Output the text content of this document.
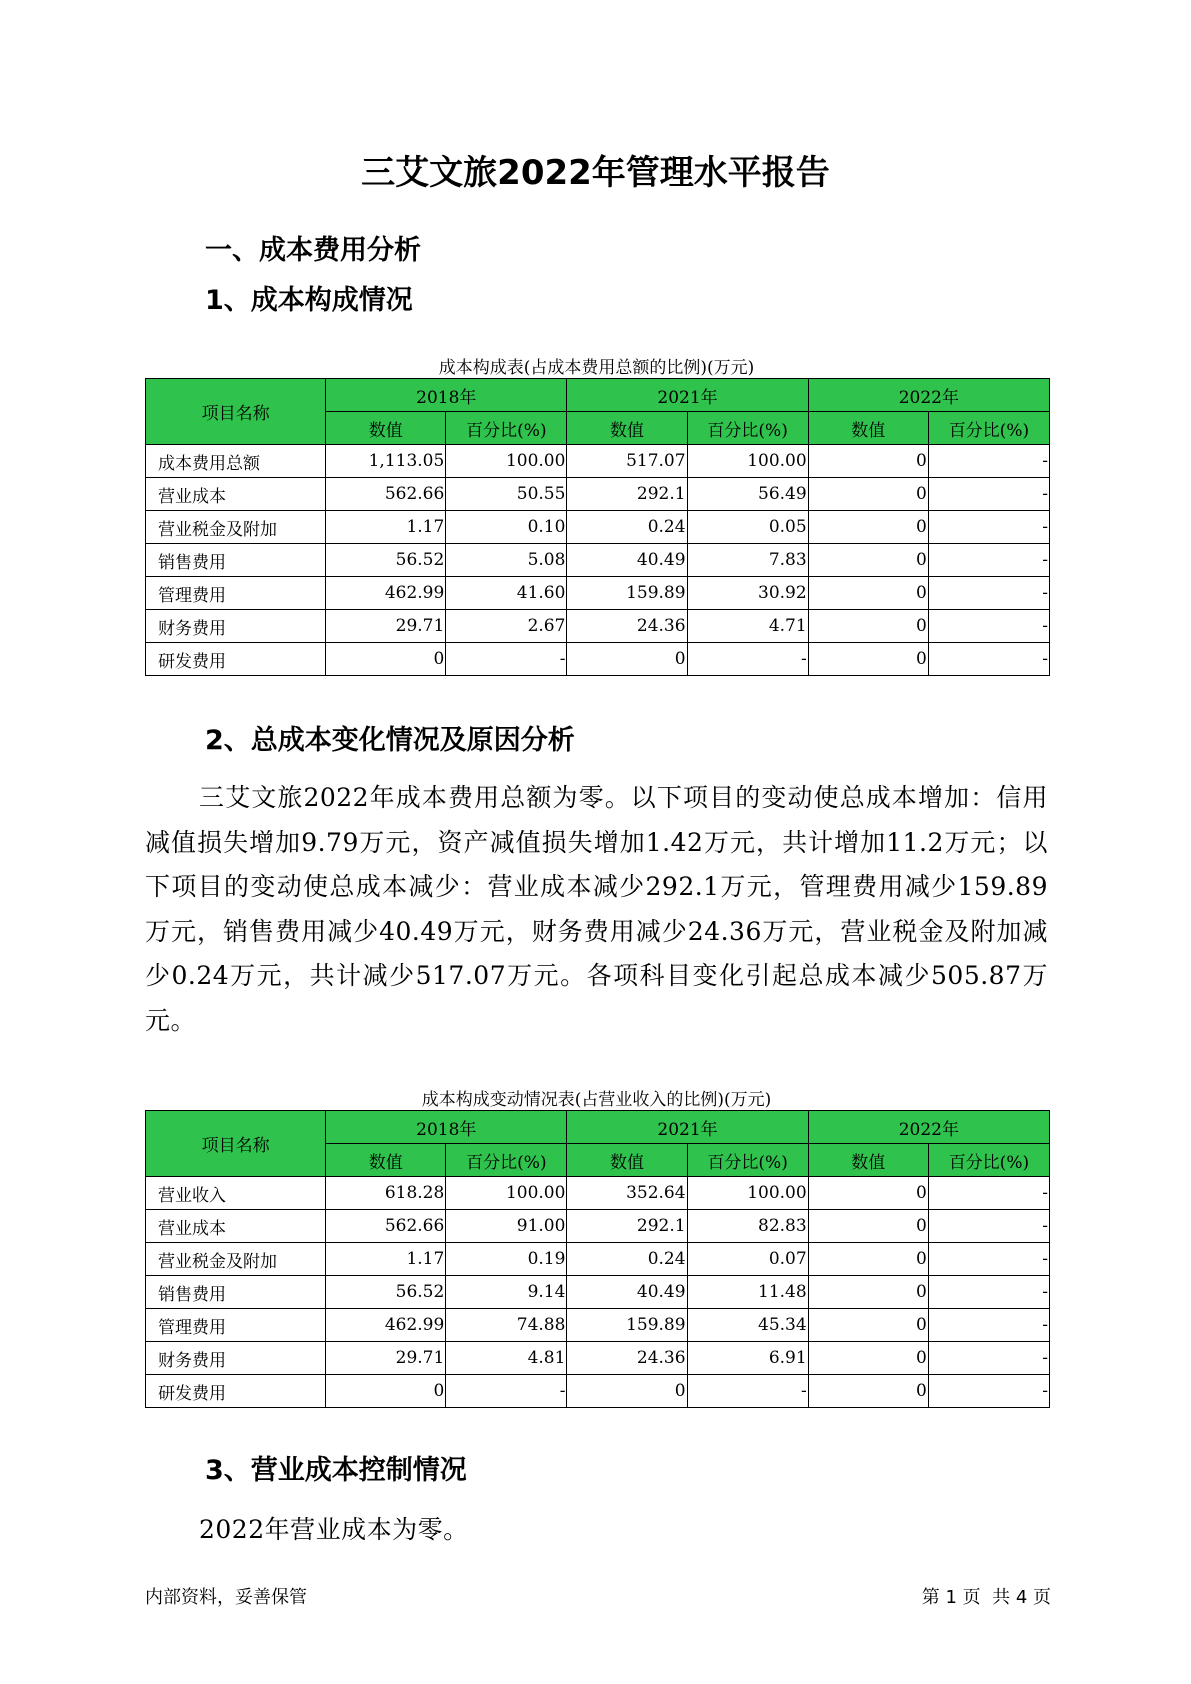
三艾文旅2022年管理水平报告
一、成本费用分析
1、成本构成情况
成本构成表(占成本费用总额的比例)(万元)
项目名称	2018年		2021年		2022年	
	数值	百分比(%)	数值	百分比(%)	数值	百分比(%)
成本费用总额	1,113.05	100.00	517.07	100.00	0	-
营业成本	562.66	50.55	292.1	56.49	0	-
营业税金及附加	1.17	0.10	0.24	0.05	0	-
销售费用	56.52	5.08	40.49	7.83	0	-
管理费用	462.99	41.60	159.89	30.92	0	-
财务费用	29.71	2.67	24.36	4.71	0	-
研发费用	0	-	0	-	0	-
2、总成本变化情况及原因分析

三艾文旅2022年成本费用总额为零。以下项目的变动使总成本增加：信用减值损失增加9.79万元，资产减值损失增加1.42万元，共计增加11.2万元；以下项目的变动使总成本减少：营业成本减少292.1万元，管理费用减少159.89万元，销售费用减少40.49万元，财务费用减少24.36万元，营业税金及附加减少0.24万元，共计减少517.07万元。各项科目变化引起总成本减少505.87万元。

成本构成变动情况表(占营业收入的比例)(万元)
项目名称	2018年		2021年		2022年	
	数值	百分比(%)	数值	百分比(%)	数值	百分比(%)
营业收入	618.28	100.00	352.64	100.00	0	-
营业成本	562.66	91.00	292.1	82.83	0	-
营业税金及附加	1.17	0.19	0.24	0.07	0	-
销售费用	56.52	9.14	40.49	11.48	0	-
管理费用	462.99	74.88	159.89	45.34	0	-
财务费用	29.71	4.81	24.36	6.91	0	-
研发费用	0	-	0	-	0	-
3、营业成本控制情况

2022年营业成本为零。

内部资料，妥善保管	第 1 页  共 4 页
